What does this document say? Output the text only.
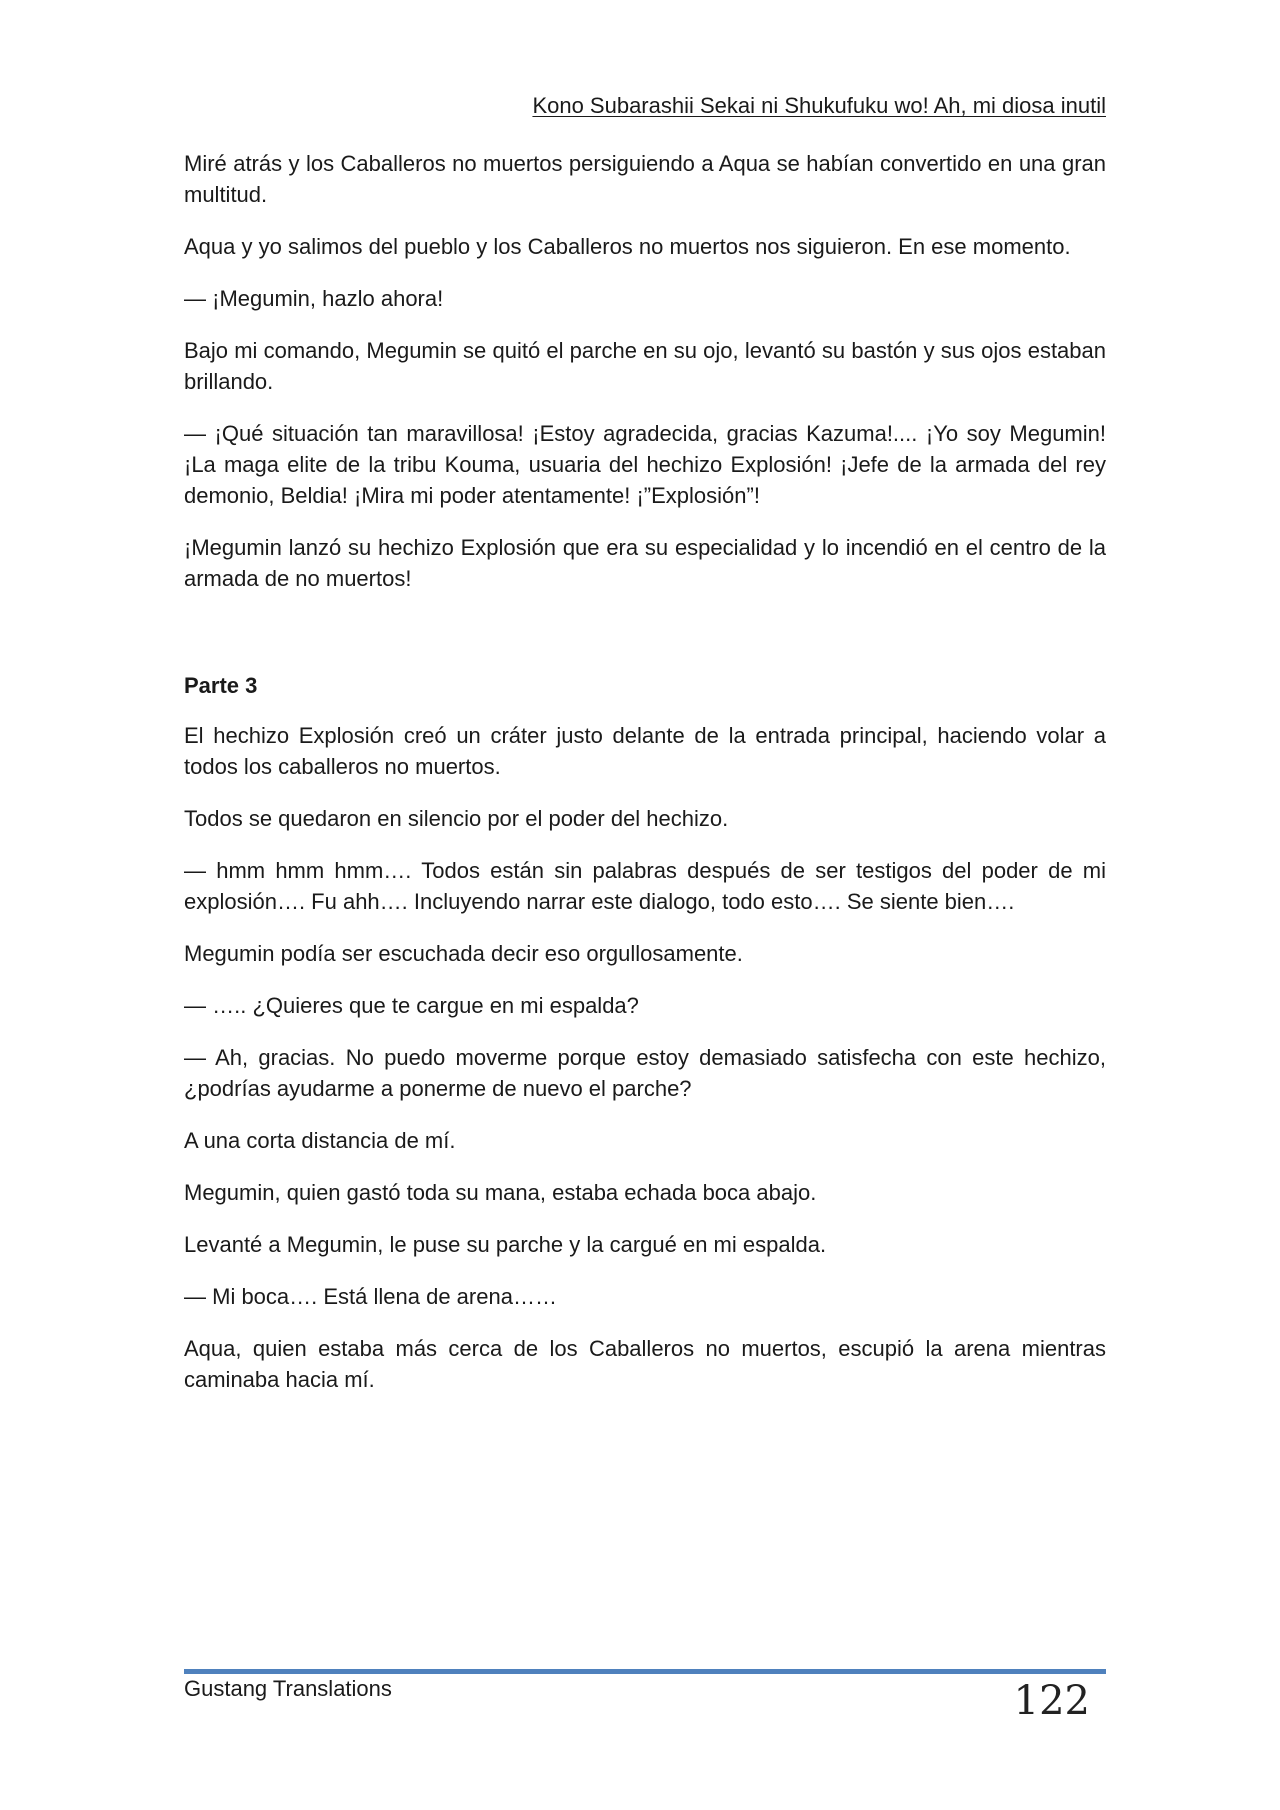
Kono Subarashii Sekai ni Shukufuku wo! Ah, mi diosa inutil

Miré atrás y los Caballeros no muertos persiguiendo a Aqua se habían convertido en una gran multitud.

Aqua y yo salimos del pueblo y los Caballeros no muertos nos siguieron. En ese momento.

— ¡Megumin, hazlo ahora!

Bajo mi comando, Megumin se quitó el parche en su ojo, levantó su bastón y sus ojos estaban brillando.

— ¡Qué situación tan maravillosa! ¡Estoy agradecida, gracias Kazuma!.... ¡Yo soy Megumin! ¡La maga elite de la tribu Kouma, usuaria del hechizo Explosión! ¡Jefe de la armada del rey demonio, Beldia! ¡Mira mi poder atentamente! ¡”Explosión”!

¡Megumin lanzó su hechizo Explosión que era su especialidad y lo incendió en el centro de la armada de no muertos!

Parte 3

El hechizo Explosión creó un cráter justo delante de la entrada principal, haciendo volar a todos los caballeros no muertos.

Todos se quedaron en silencio por el poder del hechizo.

— hmm hmm hmm…. Todos están sin palabras después de ser testigos del poder de mi explosión…. Fu ahh…. Incluyendo narrar este dialogo, todo esto…. Se siente bien….

Megumin podía ser escuchada decir eso orgullosamente.

— ….. ¿Quieres que te cargue en mi espalda?

— Ah, gracias. No puedo moverme porque estoy demasiado satisfecha con este hechizo, ¿podrías ayudarme a ponerme de nuevo el parche?

A una corta distancia de mí.

Megumin, quien gastó toda su mana, estaba echada boca abajo.

Levanté a Megumin, le puse su parche y la cargué en mi espalda.

— Mi boca…. Está llena de arena……

Aqua, quien estaba más cerca de los Caballeros no muertos, escupió la arena mientras caminaba hacia mí.

Gustang Translations	122
